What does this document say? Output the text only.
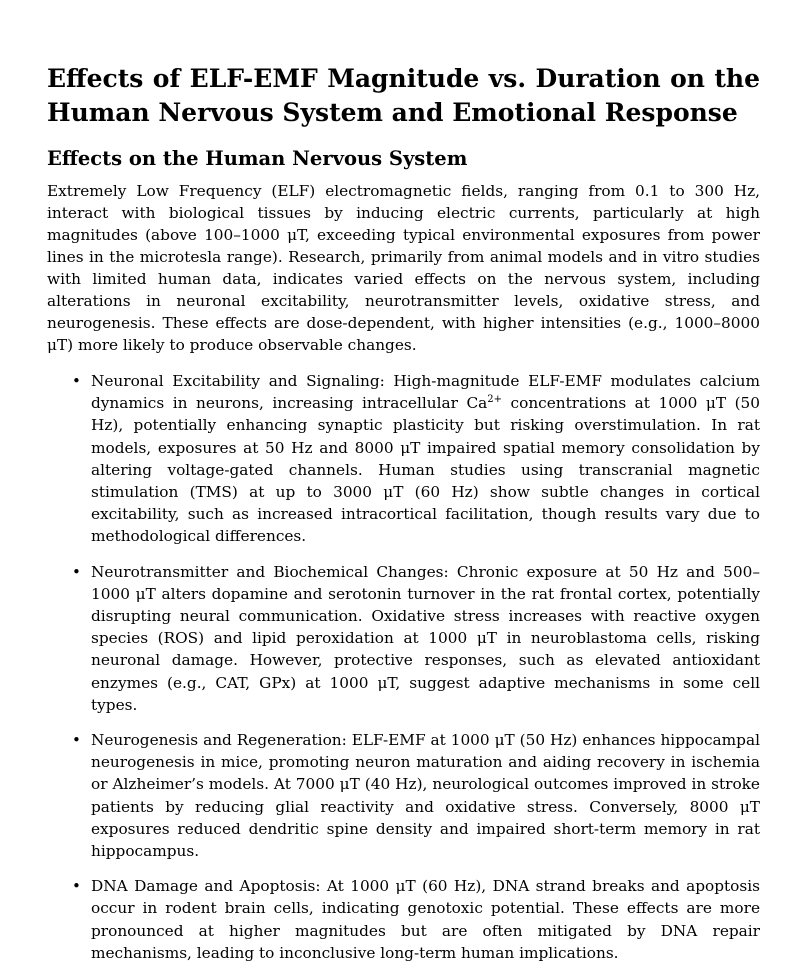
Effects of ELF-EMF Magnitude vs. Duration on the Human Nervous System and Emotional Response
Effects on the Human Nervous System

Extremely Low Frequency (ELF) electromagnetic fields, ranging from 0.1 to 300 Hz, interact with biological tissues by inducing electric currents, particularly at high magnitudes (above 100–1000 μT, exceeding typical environmental exposures from power lines in the microtesla range). Research, primarily from animal models and in vitro studies with limited human data, indicates varied effects on the nervous system, including alterations in neuronal excitability, neurotransmitter levels, oxidative stress, and neurogenesis. These effects are dose-dependent, with higher intensities (e.g., 1000–8000 μT) more likely to produce observable changes.

• Neuronal Excitability and Signaling: High-magnitude ELF-EMF modulates calcium dynamics in neurons, increasing intracellular $Ca^{2+}$ concentrations at 1000 μT (50 Hz), potentially enhancing synaptic plasticity but risking overstimulation. In rat models, exposures at 50 Hz and 8000 μT impaired spatial memory consolidation by altering voltage-gated channels. Human studies using transcranial magnetic stimulation (TMS) at up to 3000 μT (60 Hz) show subtle changes in cortical excitability, such as increased intracortical facilitation, though results vary due to methodological differences.
• Neurotransmitter and Biochemical Changes: Chronic exposure at 50 Hz and 500–1000 μT alters dopamine and serotonin turnover in the rat frontal cortex, potentially disrupting neural communication. Oxidative stress increases with reactive oxygen species (ROS) and lipid peroxidation at 1000 μT in neuroblastoma cells, risking neuronal damage. However, protective responses, such as elevated antioxidant enzymes (e.g., CAT, GPx) at 1000 μT, suggest adaptive mechanisms in some cell types.
• Neurogenesis and Regeneration: ELF-EMF at 1000 μT (50 Hz) enhances hippocampal neurogenesis in mice, promoting neuron maturation and aiding recovery in ischemia or Alzheimer’s models. At 7000 μT (40 Hz), neurological outcomes improved in stroke patients by reducing glial reactivity and oxidative stress. Conversely, 8000 μT exposures reduced dendritic spine density and impaired short-term memory in rat hippocampus.
• DNA Damage and Apoptosis: At 1000 μT (60 Hz), DNA strand breaks and apoptosis occur in rodent brain cells, indicating genotoxic potential. These effects are more pronounced at higher magnitudes but are often mitigated by DNA repair mechanisms, leading to inconclusive long-term human implications.
